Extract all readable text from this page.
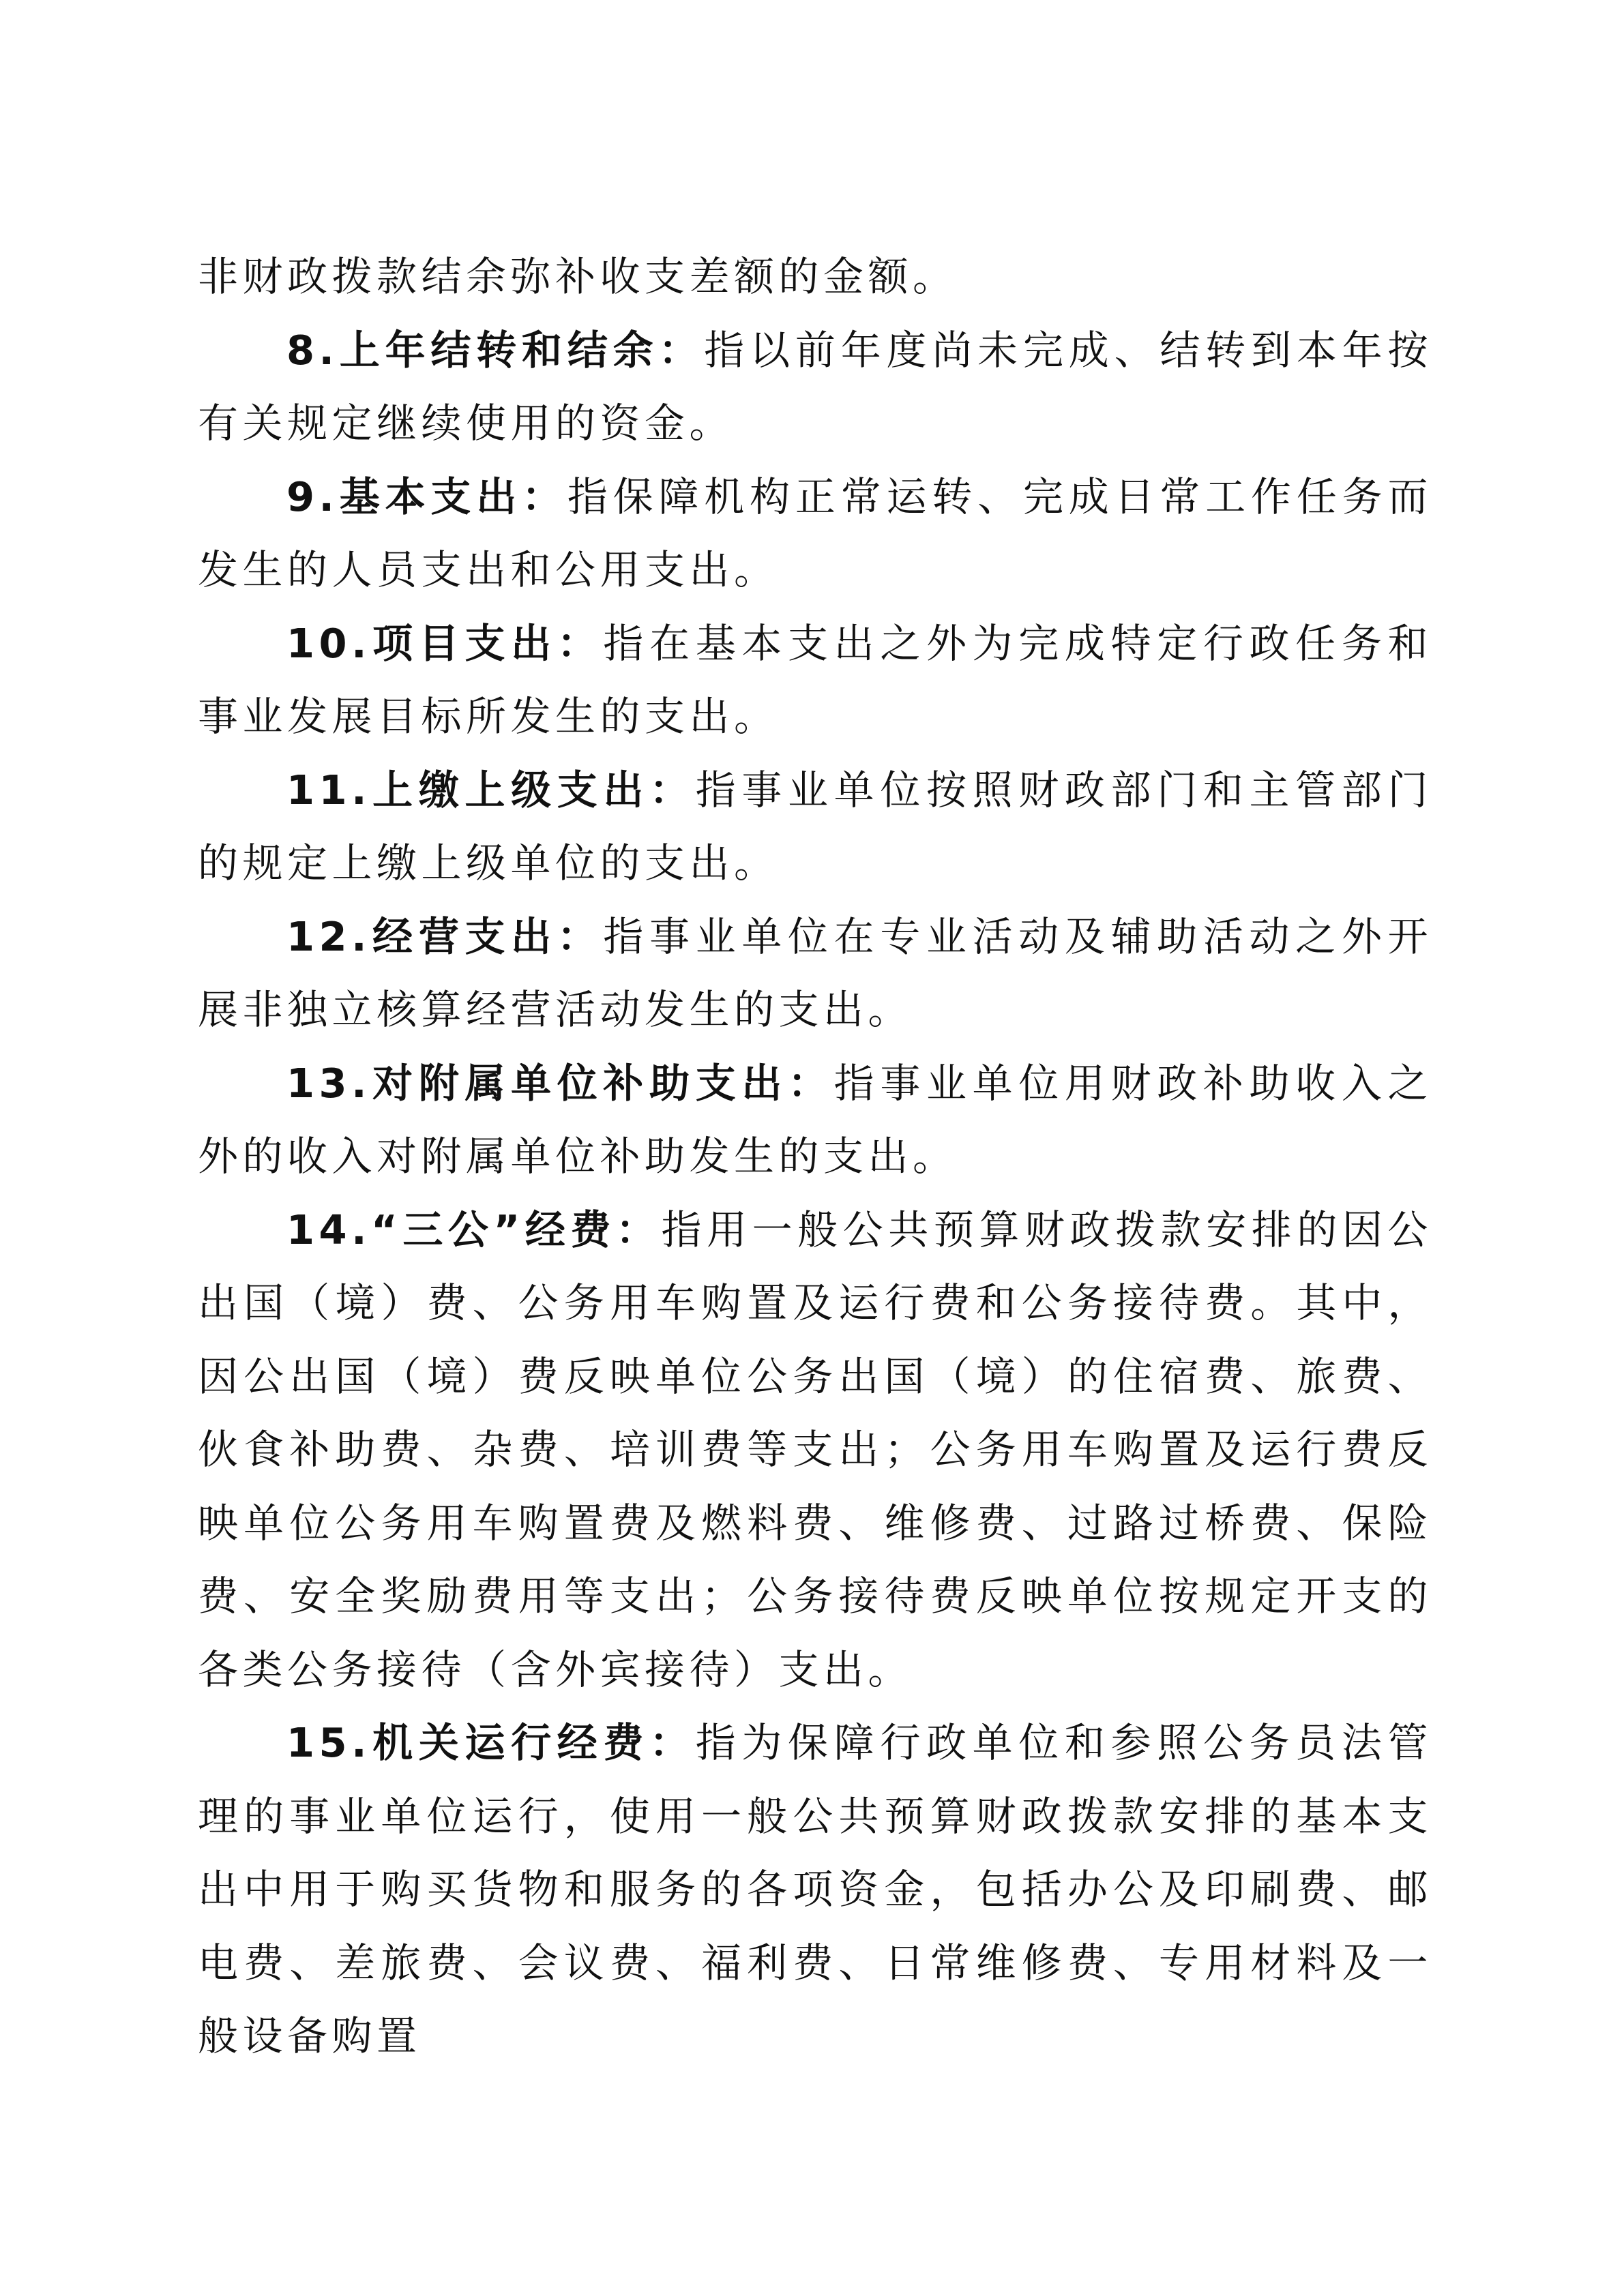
非财政拨款结余弥补收支差额的金额。

8.上年结转和结余：指以前年度尚未完成、结转到本年按有关规定继续使用的资金。

9.基本支出：指保障机构正常运转、完成日常工作任务而发生的人员支出和公用支出。

10.项目支出：指在基本支出之外为完成特定行政任务和事业发展目标所发生的支出。

11.上缴上级支出：指事业单位按照财政部门和主管部门的规定上缴上级单位的支出。

12.经营支出：指事业单位在专业活动及辅助活动之外开展非独立核算经营活动发生的支出。

13.对附属单位补助支出：指事业单位用财政补助收入之外的收入对附属单位补助发生的支出。

14.“三公”经费：指用一般公共预算财政拨款安排的因公出国（境）费、公务用车购置及运行费和公务接待费。其中，因公出国（境）费反映单位公务出国（境）的住宿费、旅费、伙食补助费、杂费、培训费等支出；公务用车购置及运行费反映单位公务用车购置费及燃料费、维修费、过路过桥费、保险费、安全奖励费用等支出；公务接待费反映单位按规定开支的各类公务接待（含外宾接待）支出。

15.机关运行经费：指为保障行政单位和参照公务员法管理的事业单位运行，使用一般公共预算财政拨款安排的基本支出中用于购买货物和服务的各项资金，包括办公及印刷费、邮电费、差旅费、会议费、福利费、日常维修费、专用材料及一般设备购置
